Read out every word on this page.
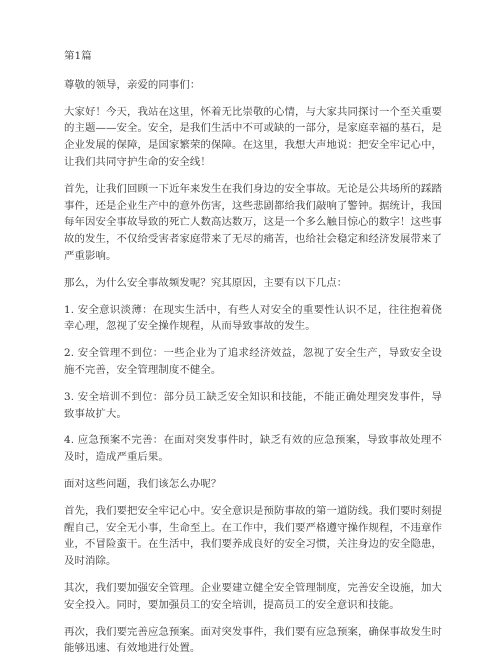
第1篇

尊敬的领导，亲爱的同事们：

大家好！今天，我站在这里，怀着无比崇敬的心情，与大家共同探讨一个至关重要的主题——安全。安全，是我们生活中不可或缺的一部分，是家庭幸福的基石，是企业发展的保障，是国家繁荣的保障。在这里，我想大声地说：把安全牢记心中，让我们共同守护生命的安全线！

首先，让我们回顾一下近年来发生在我们身边的安全事故。无论是公共场所的踩踏事件，还是企业生产中的意外伤害，这些悲剧都给我们敲响了警钟。据统计，我国每年因安全事故导致的死亡人数高达数万，这是一个多么触目惊心的数字！这些事故的发生，不仅给受害者家庭带来了无尽的痛苦，也给社会稳定和经济发展带来了严重影响。

那么，为什么安全事故频发呢？究其原因，主要有以下几点：

1. 安全意识淡薄：在现实生活中，有些人对安全的重要性认识不足，往往抱着侥幸心理，忽视了安全操作规程，从而导致事故的发生。

2. 安全管理不到位：一些企业为了追求经济效益，忽视了安全生产，导致安全设施不完善，安全管理制度不健全。

3. 安全培训不到位：部分员工缺乏安全知识和技能，不能正确处理突发事件，导致事故扩大。

4. 应急预案不完善：在面对突发事件时，缺乏有效的应急预案，导致事故处理不及时，造成严重后果。

面对这些问题，我们该怎么办呢？

首先，我们要把安全牢记心中。安全意识是预防事故的第一道防线。我们要时刻提醒自己，安全无小事，生命至上。在工作中，我们要严格遵守操作规程，不违章作业，不冒险蛮干。在生活中，我们要养成良好的安全习惯，关注身边的安全隐患，及时消除。

其次，我们要加强安全管理。企业要建立健全安全管理制度，完善安全设施，加大安全投入。同时，要加强员工的安全培训，提高员工的安全意识和技能。

再次，我们要完善应急预案。面对突发事件，我们要有应急预案，确保事故发生时能够迅速、有效地进行处置。
